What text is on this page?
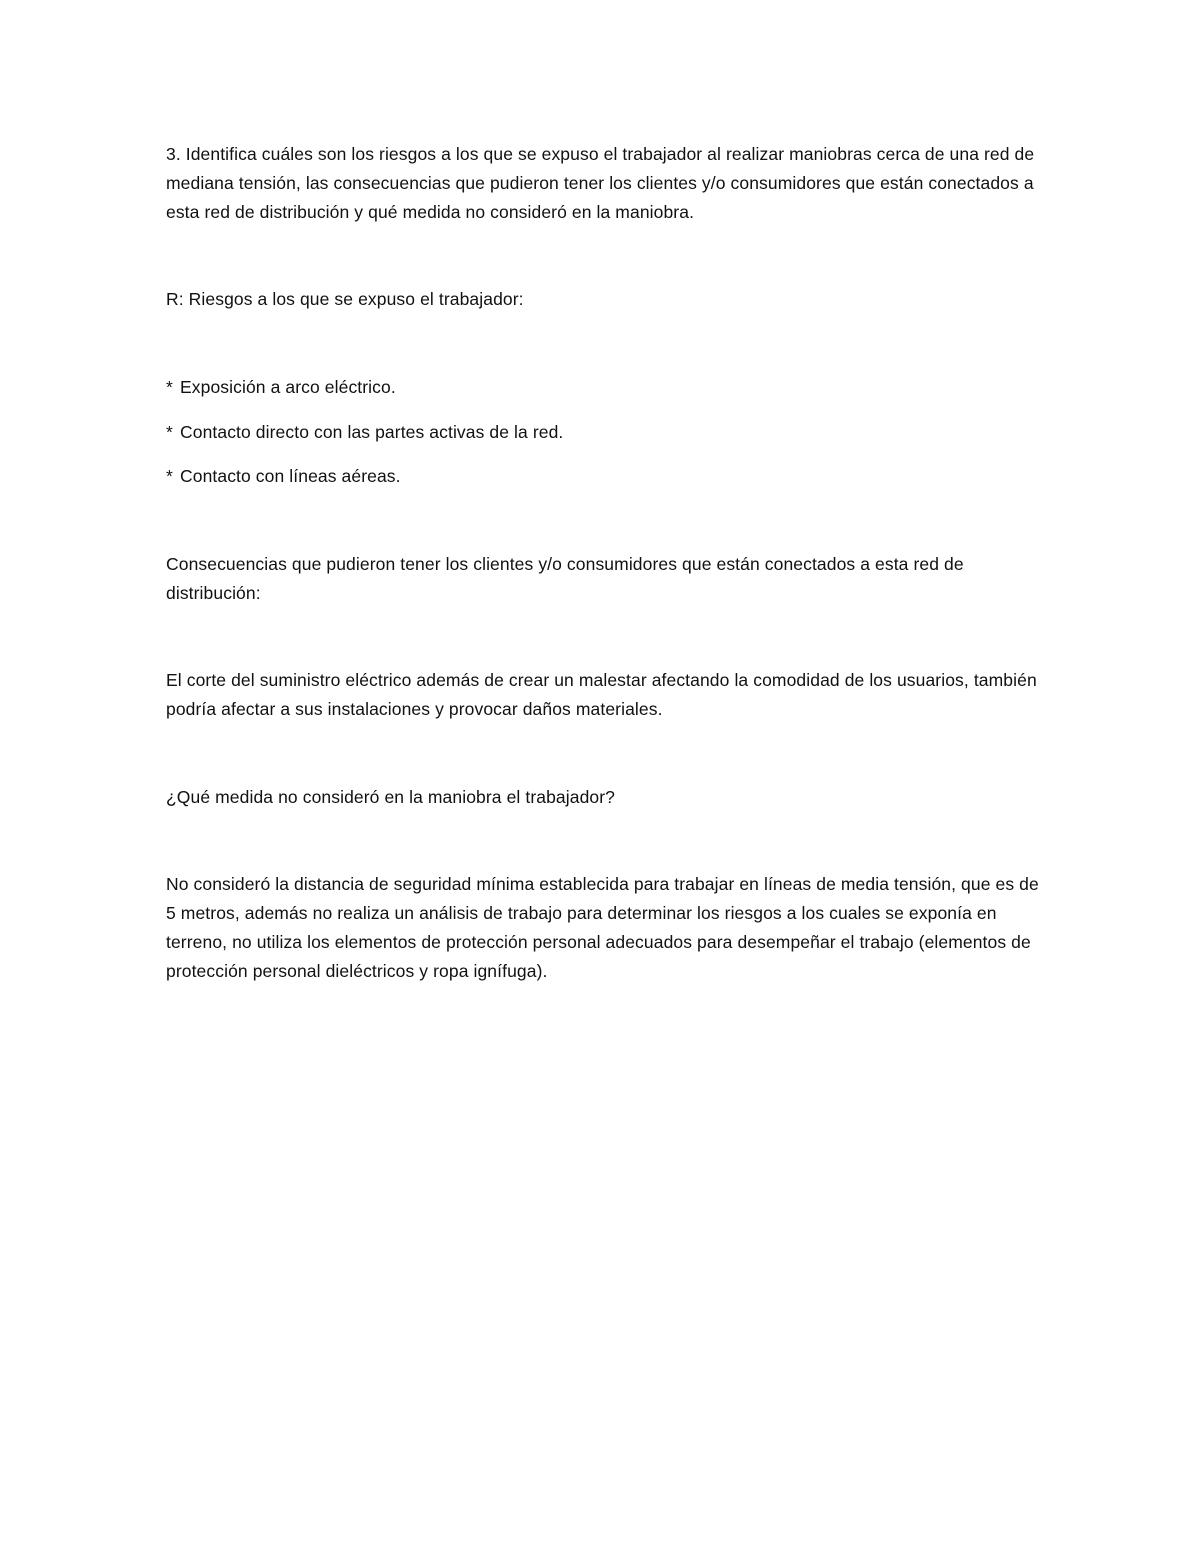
3. Identifica cuáles son los riesgos a los que se expuso el trabajador al realizar maniobras cerca de una red de mediana tensión, las consecuencias que pudieron tener los clientes y/o consumidores que están conectados a esta red de distribución y qué medida no consideró en la maniobra.

R: Riesgos a los que se expuso el trabajador:

* Exposición a arco eléctrico.

* Contacto directo con las partes activas de la red.

* Contacto con líneas aéreas.

Consecuencias que pudieron tener los clientes y/o consumidores que están conectados a esta red de distribución:

El corte del suministro eléctrico además de crear un malestar afectando la comodidad de los usuarios, también podría afectar a sus instalaciones y provocar daños materiales.

¿Qué medida no consideró en la maniobra el trabajador?

No consideró la distancia de seguridad mínima establecida para trabajar en líneas de media tensión, que es de 5 metros, además no realiza un análisis de trabajo para determinar los riesgos a los cuales se exponía en terreno, no utiliza los elementos de protección personal adecuados para desempeñar el trabajo (elementos de protección personal dieléctricos y ropa ignífuga).
